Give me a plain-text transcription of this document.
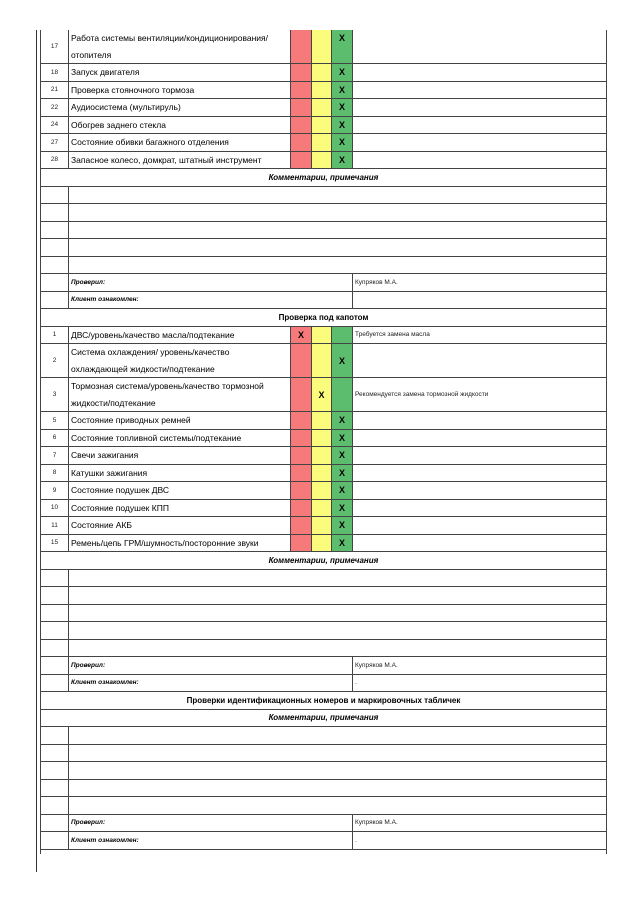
17	Работа системы вентиляции/кондиционирования/ отопителя			X	
18	Запуск двигателя			X	
21	Проверка стояночного тормоза			X	
22	Аудиосистема (мультируль)			X	
24	Обогрев заднего стекла			X	
27	Состояние обивки багажного отделения			X	
28	Запасное колесо, домкрат, штатный инструмент			X	
Комментарии, примечания					

	Проверил:				Купряков М.А.
	Клиент ознакомлен:				
Проверка под капотом					
1	ДВС/уровень/качество масла/подтекание	X			Требуется замена масла
2	Система охлаждения/ уровень/качество охлаждающей жидкости/подтекание			X	
3	Тормозная система/уровень/качество тормозной жидкости/подтекание		X		Рекомендуется замена тормозной жидкости
5	Состояние приводных ремней			X	
6	Состояние топливной системы/подтекание			X	
7	Свечи зажигания			X	
8	Катушки зажигания			X	
9	Состояние подушек ДВС			X	
10	Состояние подушек КПП			X	
11	Состояние АКБ			X	
15	Ремень/цепь ГРМ/шумность/посторонние звуки			X	
Комментарии, примечания					

	Проверил:				Купряков М.А.
	Клиент ознакомлен:				.
Проверки идентификационных номеров и маркировочных табличек					
Комментарии, примечания					

	Проверил:				Купряков М.А.
	Клиент ознакомлен:				.
